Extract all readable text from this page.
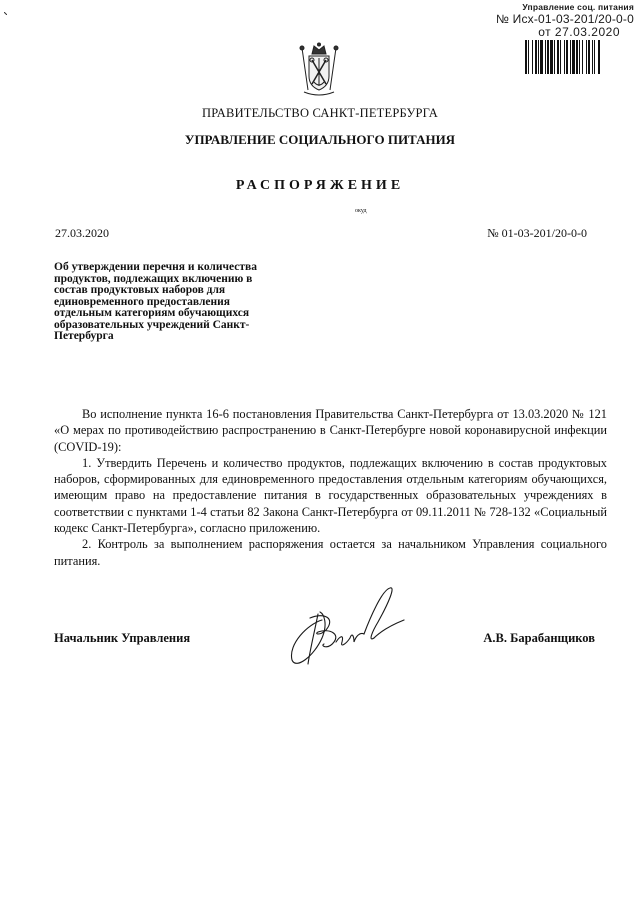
Управление соц. питания
№ Исх-01-03-201/20-0-0
от 27.03.2020
ПРАВИТЕЛЬСТВО САНКТ-ПЕТЕРБУРГА
УПРАВЛЕНИЕ СОЦИАЛЬНОГО ПИТАНИЯ
РАСПОРЯЖЕНИЕ
окуд
27.03.2020	№ 01-03-201/20-0-0
Об утверждении перечня и количества продуктов, подлежащих включению в состав продуктовых наборов для единовременного предоставления отдельным категориям обучающихся образовательных учреждений Санкт-Петербурга

Во исполнение пункта 16-6 постановления Правительства Санкт-Петербурга от 13.03.2020 № 121 «О мерах по противодействию распространению в Санкт-Петербурге новой коронавирусной инфекции (COVID-19):

1. Утвердить Перечень и количество продуктов, подлежащих включению в состав продуктовых наборов, сформированных для единовременного предоставления отдельным категориям обучающихся, имеющим право на предоставление питания в государственных образовательных учреждениях в соответствии с пунктами 1-4 статьи 82 Закона Санкт-Петербурга от 09.11.2011 № 728-132 «Социальный кодекс Санкт-Петербурга», согласно приложению.

2. Контроль за выполнением распоряжения остается за начальником Управления социального питания.

Начальник Управления	А.В. Барабанщиков
